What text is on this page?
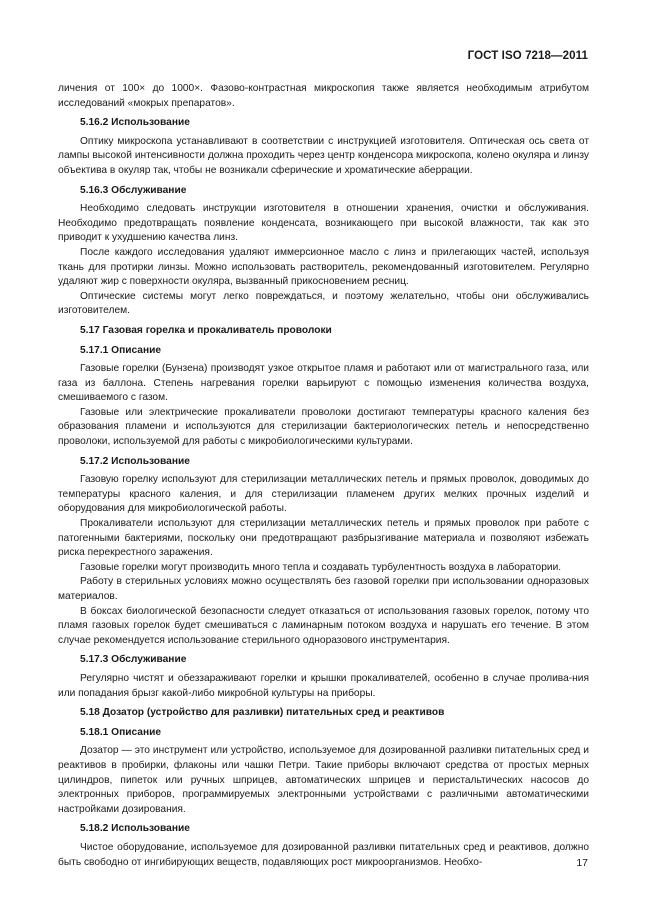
ГОСТ ISO 7218—2011

личения от 100× до 1000×. Фазово-контрастная микроскопия также является необходимым атрибутом исследований «мокрых препаратов».

5.16.2 Использование

Оптику микроскопа устанавливают в соответствии с инструкцией изготовителя. Оптическая ось света от лампы высокой интенсивности должна проходить через центр конденсора микроскопа, колено окуляра и линзу объектива в окуляр так, чтобы не возникали сферические и хроматические аберрации.

5.16.3 Обслуживание

Необходимо следовать инструкции изготовителя в отношении хранения, очистки и обслуживания. Необходимо предотвращать появление конденсата, возникающего при высокой влажности, так как это приводит к ухудшению качества линз.

После каждого исследования удаляют иммерсионное масло с линз и прилегающих частей, используя ткань для протирки линзы. Можно использовать растворитель, рекомендованный изготовителем. Регулярно удаляют жир с поверхности окуляра, вызванный прикосновением ресниц.

Оптические системы могут легко повреждаться, и поэтому желательно, чтобы они обслуживались изготовителем.

5.17 Газовая горелка и прокаливатель проволоки
5.17.1 Описание

Газовые горелки (Бунзена) производят узкое открытое пламя и работают или от магистрального газа, или газа из баллона. Степень нагревания горелки варьируют с помощью изменения количества воздуха, смешиваемого с газом.

Газовые или электрические прокаливатели проволоки достигают температуры красного каления без образования пламени и используются для стерилизации бактериологических петель и непосредственно проволоки, используемой для работы с микробиологическими культурами.

5.17.2 Использование

Газовую горелку используют для стерилизации металлических петель и прямых проволок, доводимых до температуры красного каления, и для стерилизации пламенем других мелких прочных изделий и оборудования для микробиологической работы.

Прокаливатели используют для стерилизации металлических петель и прямых проволок при работе с патогенными бактериями, поскольку они предотвращают разбрызгивание материала и позволяют избежать риска перекрестного заражения.

Газовые горелки могут производить много тепла и создавать турбулентность воздуха в лаборатории.

Работу в стерильных условиях можно осуществлять без газовой горелки при использовании одноразовых материалов.

В боксах биологической безопасности следует отказаться от использования газовых горелок, потому что пламя газовых горелок будет смешиваться с ламинарным потоком воздуха и нарушать его течение. В этом случае рекомендуется использование стерильного одноразового инструментария.

5.17.3 Обслуживание

Регулярно чистят и обеззараживают горелки и крышки прокаливателей, особенно в случае пролива-ния или попадания брызг какой-либо микробной культуры на приборы.

5.18 Дозатор (устройство для разливки) питательных сред и реактивов
5.18.1 Описание

Дозатор — это инструмент или устройство, используемое для дозированной разливки питательных сред и реактивов в пробирки, флаконы или чашки Петри. Такие приборы включают средства от простых мерных цилиндров, пипеток или ручных шприцев, автоматических шприцев и перистальтических насосов до электронных приборов, программируемых электронными устройствами с различными автоматическими настройками дозирования.

5.18.2 Использование

Чистое оборудование, используемое для дозированной разливки питательных сред и реактивов, должно быть свободно от ингибирующих веществ, подавляющих рост микроорганизмов. Необхо-	17
